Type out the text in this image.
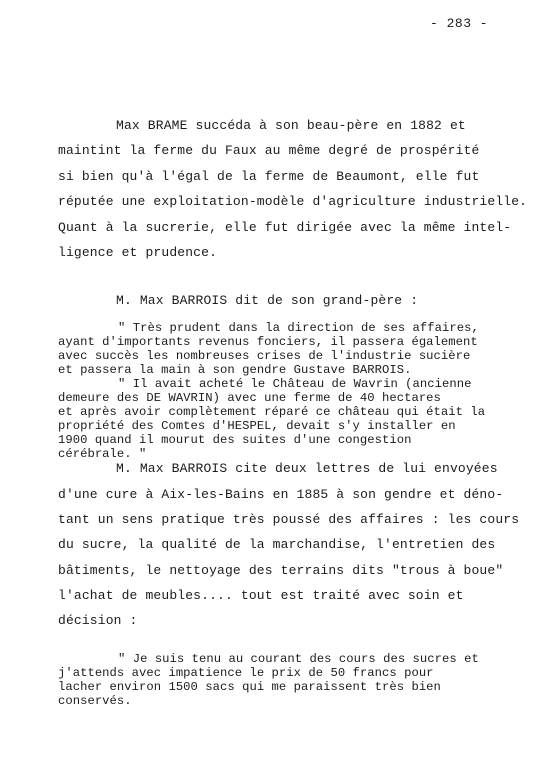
- 283 -
Max BRAME succéda à son beau-père en 1882 et
maintint la ferme du Faux au même degré de prospérité
si bien qu'à l'égal de la ferme de Beaumont, elle fut
réputée une exploitation-modèle d'agriculture industrielle.
Quant à la sucrerie, elle fut dirigée avec la même intel-
ligence et prudence.
M. Max BARROIS dit de son grand-père :
" Très prudent dans la direction de ses affaires,
ayant d'importants revenus fonciers, il passera également
avec succès les nombreuses crises de l'industrie sucière
et passera la main à son gendre Gustave BARROIS.
" Il avait acheté le Château de Wavrin (ancienne
demeure des DE WAVRIN) avec une ferme de 40 hectares
et après avoir complètement réparé ce château qui était la
propriété des Comtes d'HESPEL, devait s'y installer en
1900 quand il mourut des suites d'une congestion
cérébrale. "
M. Max BARROIS cite deux lettres de lui envoyées
d'une cure à Aix-les-Bains en 1885 à son gendre et déno-
tant un sens pratique très poussé des affaires : les cours
du sucre, la qualité de la marchandise, l'entretien des
bâtiments, le nettoyage des terrains dits "trous à boue"
l'achat de meubles.... tout est traité avec soin et
décision :
" Je suis tenu au courant des cours des sucres et
j'attends avec impatience le prix de 50 francs pour
lacher environ 1500 sacs qui me paraissent très bien
conservés.
